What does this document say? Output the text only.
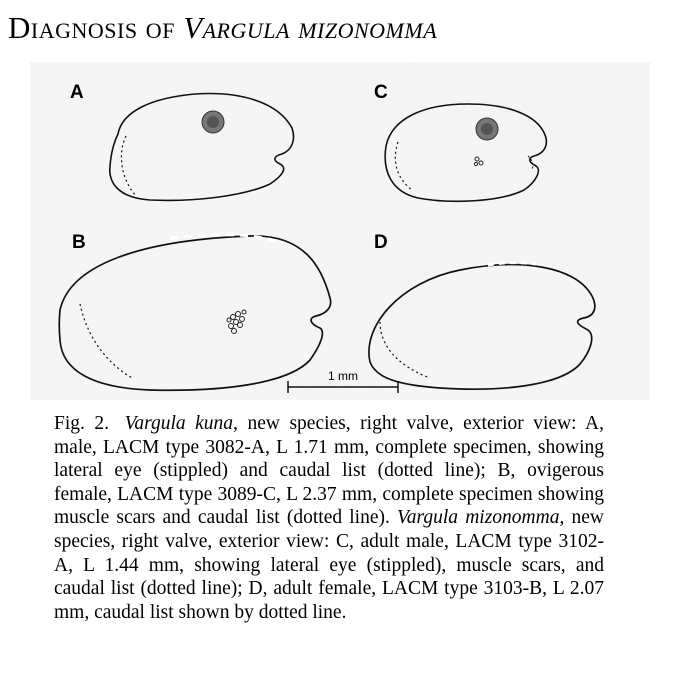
Diagnosis of Vargula mizonomma
A
B
C
D
1 mm
Fig. 2. Vargula kuna, new species, right valve, exterior view: A, male, LACM type 3082-A, L 1.71 mm, complete specimen, showing lateral eye (stippled) and caudal list (dotted line); B, ovigerous female, LACM type 3089-C, L 2.37 mm, complete specimen showing muscle scars and caudal list (dotted line). Vargula mizonomma, new species, right valve, exterior view: C, adult male, LACM type 3102-A, L 1.44 mm, showing lateral eye (stippled), muscle scars, and caudal list (dotted line); D, adult female, LACM type 3103-B, L 2.07 mm, caudal list shown by dotted line.
